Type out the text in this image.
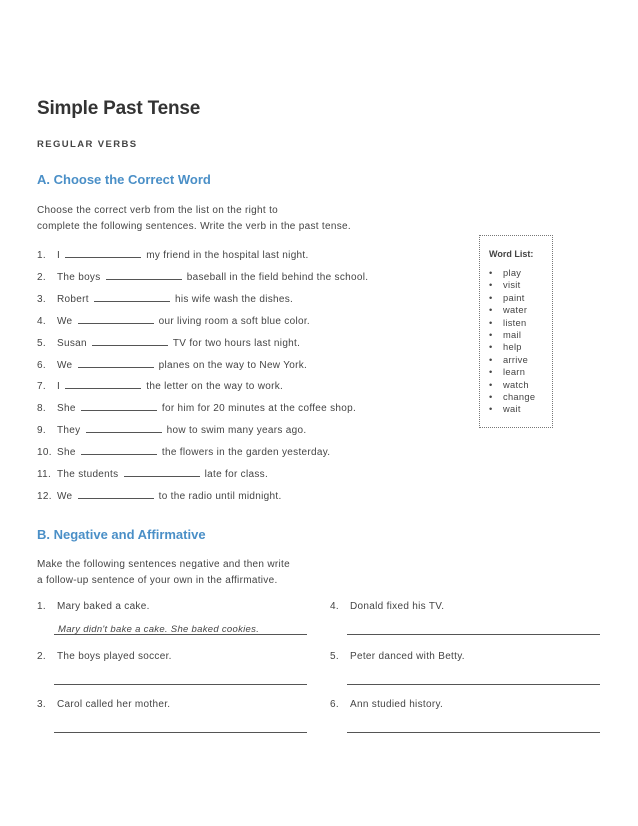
Simple Past Tense
REGULAR VERBS
A. Choose the Correct Word
Choose the correct verb from the list on the right to
complete the following sentences. Write the verb in the past tense.
1. I	my friend in the hospital last night.
2. The boys	baseball in the field behind the school.
3. Robert	his wife wash the dishes.
4. We	our living room a soft blue color.
5. Susan	TV for two hours last night.
6. We	planes on the way to New York.
7. I	the letter on the way to work.
8. She	for him for 20 minutes at the coffee shop.
9. They	how to swim many years ago.
10. She	the flowers in the garden yesterday.
11. The students	late for class.
12. We	to the radio until midnight.
Word List:
• play
• visit
• paint
• water
• listen
• mail
• help
• arrive
• learn
• watch
• change
• wait
B. Negative and Affirmative
Make the following sentences negative and then write
a follow-up sentence of your own in the affirmative.
1. Mary baked a cake.
2. The boys played soccer.
3. Carol called her mother.
4. Donald fixed his TV.
5. Peter danced with Betty.
6. Ann studied history.
Mary didn't bake a cake. She baked cookies.
